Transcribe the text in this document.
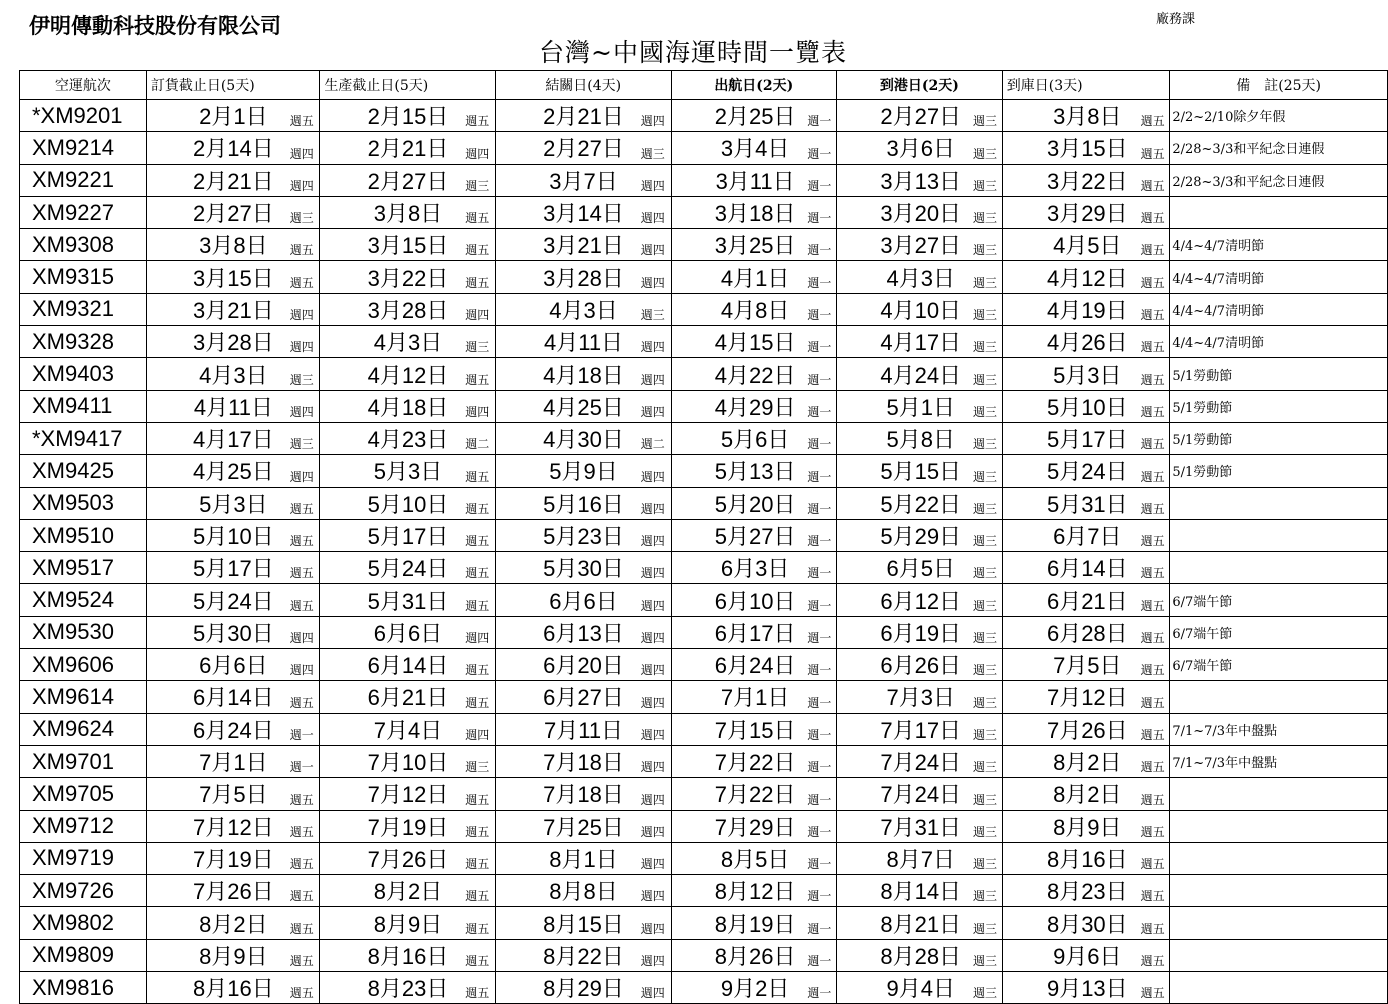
伊明傳動科技股份有限公司	廠務課
台灣~中國海運時間一覽表
空運航次	訂貨截止日(5天)		生產截止日(5天)		結關日(4天)		出航日(2天)		到港日(2天)		到庫日(3天)		備　註(25天)
*XM9201	2月1日	週五	2月15日	週五	2月21日	週四	2月25日	週一	2月27日	週三	3月8日	週五	2/2~2/10除夕年假
XM9214	2月14日	週四	2月21日	週四	2月27日	週三	3月4日	週一	3月6日	週三	3月15日	週五	2/28~3/3和平紀念日連假
XM9221	2月21日	週四	2月27日	週三	3月7日	週四	3月11日	週一	3月13日	週三	3月22日	週五	2/28~3/3和平紀念日連假
XM9227	2月27日	週三	3月8日	週五	3月14日	週四	3月18日	週一	3月20日	週三	3月29日	週五	
XM9308	3月8日	週五	3月15日	週五	3月21日	週四	3月25日	週一	3月27日	週三	4月5日	週五	4/4~4/7清明節
XM9315	3月15日	週五	3月22日	週五	3月28日	週四	4月1日	週一	4月3日	週三	4月12日	週五	4/4~4/7清明節
XM9321	3月21日	週四	3月28日	週四	4月3日	週三	4月8日	週一	4月10日	週三	4月19日	週五	4/4~4/7清明節
XM9328	3月28日	週四	4月3日	週三	4月11日	週四	4月15日	週一	4月17日	週三	4月26日	週五	4/4~4/7清明節
XM9403	4月3日	週三	4月12日	週五	4月18日	週四	4月22日	週一	4月24日	週三	5月3日	週五	5/1勞動節
XM9411	4月11日	週四	4月18日	週四	4月25日	週四	4月29日	週一	5月1日	週三	5月10日	週五	5/1勞動節
*XM9417	4月17日	週三	4月23日	週二	4月30日	週二	5月6日	週一	5月8日	週三	5月17日	週五	5/1勞動節
XM9425	4月25日	週四	5月3日	週五	5月9日	週四	5月13日	週一	5月15日	週三	5月24日	週五	5/1勞動節
XM9503	5月3日	週五	5月10日	週五	5月16日	週四	5月20日	週一	5月22日	週三	5月31日	週五	
XM9510	5月10日	週五	5月17日	週五	5月23日	週四	5月27日	週一	5月29日	週三	6月7日	週五	
XM9517	5月17日	週五	5月24日	週五	5月30日	週四	6月3日	週一	6月5日	週三	6月14日	週五	
XM9524	5月24日	週五	5月31日	週五	6月6日	週四	6月10日	週一	6月12日	週三	6月21日	週五	6/7端午節
XM9530	5月30日	週四	6月6日	週四	6月13日	週四	6月17日	週一	6月19日	週三	6月28日	週五	6/7端午節
XM9606	6月6日	週四	6月14日	週五	6月20日	週四	6月24日	週一	6月26日	週三	7月5日	週五	6/7端午節
XM9614	6月14日	週五	6月21日	週五	6月27日	週四	7月1日	週一	7月3日	週三	7月12日	週五	
XM9624	6月24日	週一	7月4日	週四	7月11日	週四	7月15日	週一	7月17日	週三	7月26日	週五	7/1~7/3年中盤點
XM9701	7月1日	週一	7月10日	週三	7月18日	週四	7月22日	週一	7月24日	週三	8月2日	週五	7/1~7/3年中盤點
XM9705	7月5日	週五	7月12日	週五	7月18日	週四	7月22日	週一	7月24日	週三	8月2日	週五	
XM9712	7月12日	週五	7月19日	週五	7月25日	週四	7月29日	週一	7月31日	週三	8月9日	週五	
XM9719	7月19日	週五	7月26日	週五	8月1日	週四	8月5日	週一	8月7日	週三	8月16日	週五	
XM9726	7月26日	週五	8月2日	週五	8月8日	週四	8月12日	週一	8月14日	週三	8月23日	週五	
XM9802	8月2日	週五	8月9日	週五	8月15日	週四	8月19日	週一	8月21日	週三	8月30日	週五	
XM9809	8月9日	週五	8月16日	週五	8月22日	週四	8月26日	週一	8月28日	週三	9月6日	週五	
XM9816	8月16日	週五	8月23日	週五	8月29日	週四	9月2日	週一	9月4日	週三	9月13日	週五	
